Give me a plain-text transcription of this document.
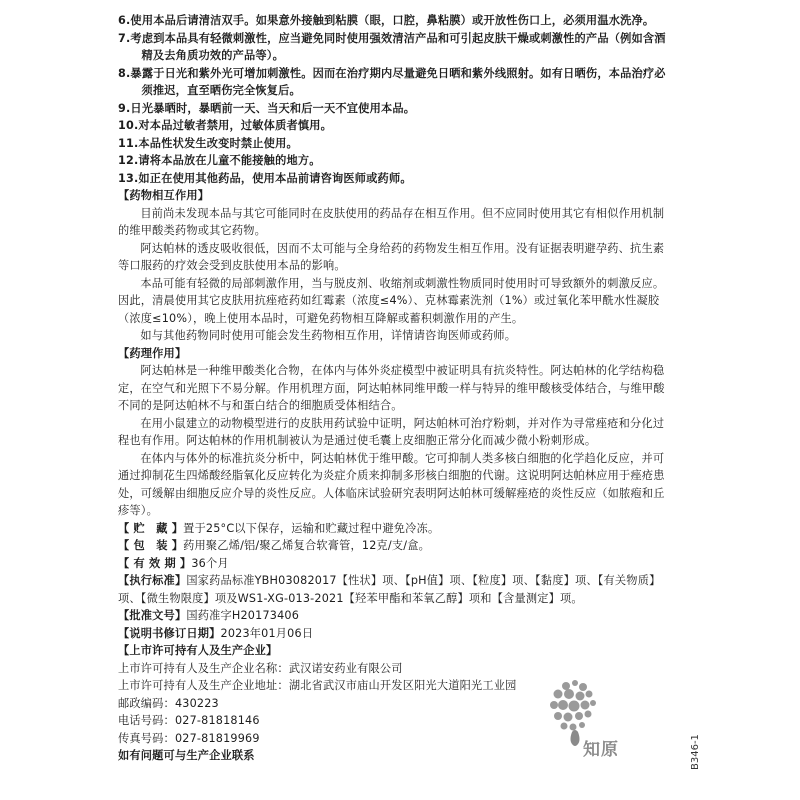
6.使用本品后请清洁双手。如果意外接触到粘膜（眼，口腔，鼻粘膜）或开放性伤口上，必须用温水洗净。

7.考虑到本品具有轻微刺激性，应当避免同时使用强效清洁产品和可引起皮肤干燥或刺激性的产品（例如含酒精及去角质功效的产品等）。

8.暴露于日光和紫外光可增加刺激性。因而在治疗期内尽量避免日晒和紫外线照射。如有日晒伤，本品治疗必须推迟，直至晒伤完全恢复后。

9.日光暴晒时，暴晒前一天、当天和后一天不宜使用本品。

10.对本品过敏者禁用，过敏体质者慎用。

11.本品性状发生改变时禁止使用。

12.请将本品放在儿童不能接触的地方。

13.如正在使用其他药品，使用本品前请咨询医师或药师。

【药物相互作用】

目前尚未发现本品与其它可能同时在皮肤使用的药品存在相互作用。但不应同时使用其它有相似作用机制的维甲酸类药物或其它药物。

阿达帕林的透皮吸收很低，因而不太可能与全身给药的药物发生相互作用。没有证据表明避孕药、抗生素等口服药的疗效会受到皮肤使用本品的影响。

本品可能有轻微的局部刺激作用，当与脱皮剂、收缩剂或刺激性物质同时使用时可导致额外的刺激反应。因此，清晨使用其它皮肤用抗痤疮药如红霉素（浓度≤4%）、克林霉素洗剂（1%）或过氧化苯甲酰水性凝胶（浓度≤10%），晚上使用本品时，可避免药物相互降解或蓄积刺激作用的产生。

如与其他药物同时使用可能会发生药物相互作用，详情请咨询医师或药师。

【药理作用】

阿达帕林是一种维甲酸类化合物，在体内与体外炎症模型中被证明具有抗炎特性。阿达帕林的化学结构稳定，在空气和光照下不易分解。作用机理方面，阿达帕林同维甲酸一样与特异的维甲酸核受体结合，与维甲酸不同的是阿达帕林不与和蛋白结合的细胞质受体相结合。

在用小鼠建立的动物模型进行的皮肤用药试验中证明，阿达帕林可治疗粉刺，并对作为寻常痤疮和分化过程也有作用。阿达帕林的作用机制被认为是通过使毛囊上皮细胞正常分化而减少微小粉刺形成。

在体内与体外的标准抗炎分析中，阿达帕林优于维甲酸。它可抑制人类多核白细胞的化学趋化反应，并可通过抑制花生四烯酸经脂氧化反应转化为炎症介质来抑制多形核白细胞的代谢。这说明阿达帕林应用于痤疮患处，可缓解由细胞反应介导的炎性反应。人体临床试验研究表明阿达帕林可缓解痤疮的炎性反应（如脓疱和丘疹等）。

【 贮　藏 】置于25°C以下保存，运输和贮藏过程中避免冷冻。

【 包　装 】药用聚乙烯/铝/聚乙烯复合软膏管，12克/支/盒。

【 有 效 期 】36个月

【执行标准】国家药品标准YBH03082017【性状】项、【pH值】项、【粒度】项、【黏度】项、【有关物质】项、【微生物限度】项及WS1-XG-013-2021【羟苯甲酯和苯氧乙醇】项和【含量测定】项。

【批准文号】国药准字H20173406

【说明书修订日期】2023年01月06日

【上市许可持有人及生产企业】

上市许可持有人及生产企业名称：武汉诺安药业有限公司

上市许可持有人及生产企业地址：湖北省武汉市庙山开发区阳光大道阳光工业园

邮政编码：430223

电话号码：027-81818146

传真号码：027-81819969

如有问题可与生产企业联系	知原	B346-1
